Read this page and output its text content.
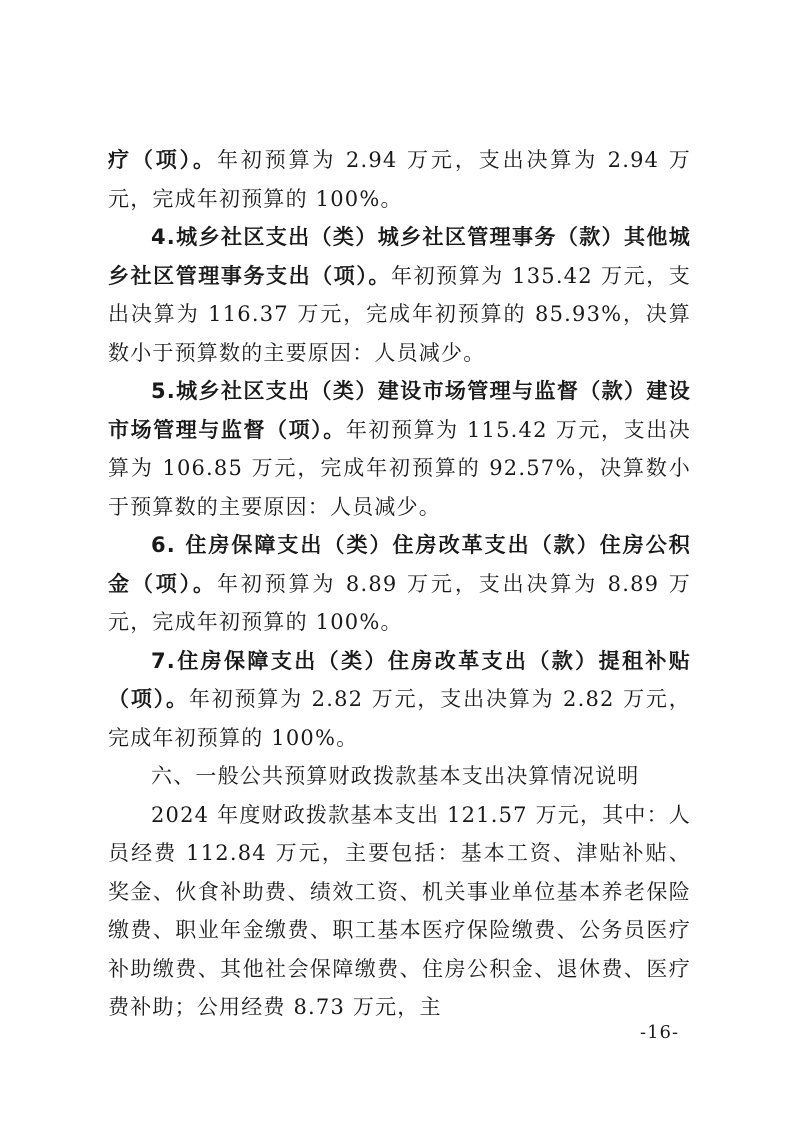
疗（项）。年初预算为 2.94 万元，支出决算为 2.94 万元，完成年初预算的 100%。

4.城乡社区支出（类）城乡社区管理事务（款）其他城乡社区管理事务支出（项）。年初预算为 135.42 万元，支出决算为 116.37 万元，完成年初预算的 85.93%，决算数小于预算数的主要原因：人员减少。

5.城乡社区支出（类）建设市场管理与监督（款）建设市场管理与监督（项）。年初预算为 115.42 万元，支出决算为 106.85 万元，完成年初预算的 92.57%，决算数小于预算数的主要原因：人员减少。

6. 住房保障支出（类）住房改革支出（款）住房公积金（项）。年初预算为 8.89 万元，支出决算为 8.89 万元，完成年初预算的 100%。

7.住房保障支出（类）住房改革支出（款）提租补贴（项）。年初预算为 2.82 万元，支出决算为 2.82 万元，完成年初预算的 100%。

六、一般公共预算财政拨款基本支出决算情况说明

2024 年度财政拨款基本支出 121.57 万元，其中：人员经费 112.84 万元，主要包括：基本工资、津贴补贴、奖金、伙食补助费、绩效工资、机关事业单位基本养老保险缴费、职业年金缴费、职工基本医疗保险缴费、公务员医疗补助缴费、其他社会保障缴费、住房公积金、退休费、医疗费补助；公用经费 8.73 万元，主

-16-
